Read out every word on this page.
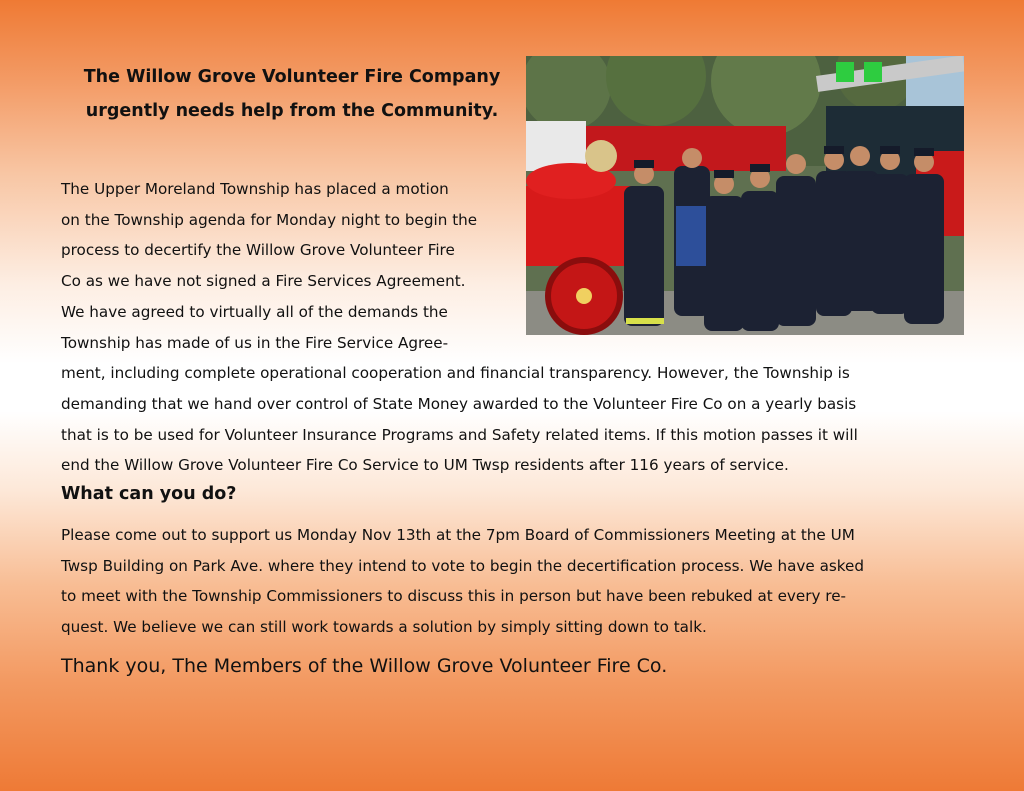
The Willow Grove Volunteer Fire Company
urgently needs help from the Community.
The Upper Moreland Township has placed a motion
on the Township agenda for Monday night to begin the
process to decertify the Willow Grove Volunteer Fire
Co as we have not signed a Fire Services Agreement.
We have agreed to virtually all of the demands the
Township has made of us in the Fire Service Agree-
ment, including complete operational cooperation and financial transparency. However, the Township is
demanding that we hand over control of State Money awarded to the Volunteer Fire Co on a yearly basis
that is to be used for Volunteer Insurance Programs and Safety related items. If this motion passes it will
end the Willow Grove Volunteer Fire Co Service to UM Twsp residents after 116 years of service.
What can you do?
Please come out to support us Monday Nov 13th at the 7pm Board of Commissioners Meeting at the UM
Twsp Building on Park Ave. where they intend to vote to begin the decertification process. We have asked
to meet with the Township Commissioners to discuss this in person but have been rebuked at every re-
quest. We believe we can still work towards a solution by simply sitting down to talk.

Thank you, The Members of the Willow Grove Volunteer Fire Co.
